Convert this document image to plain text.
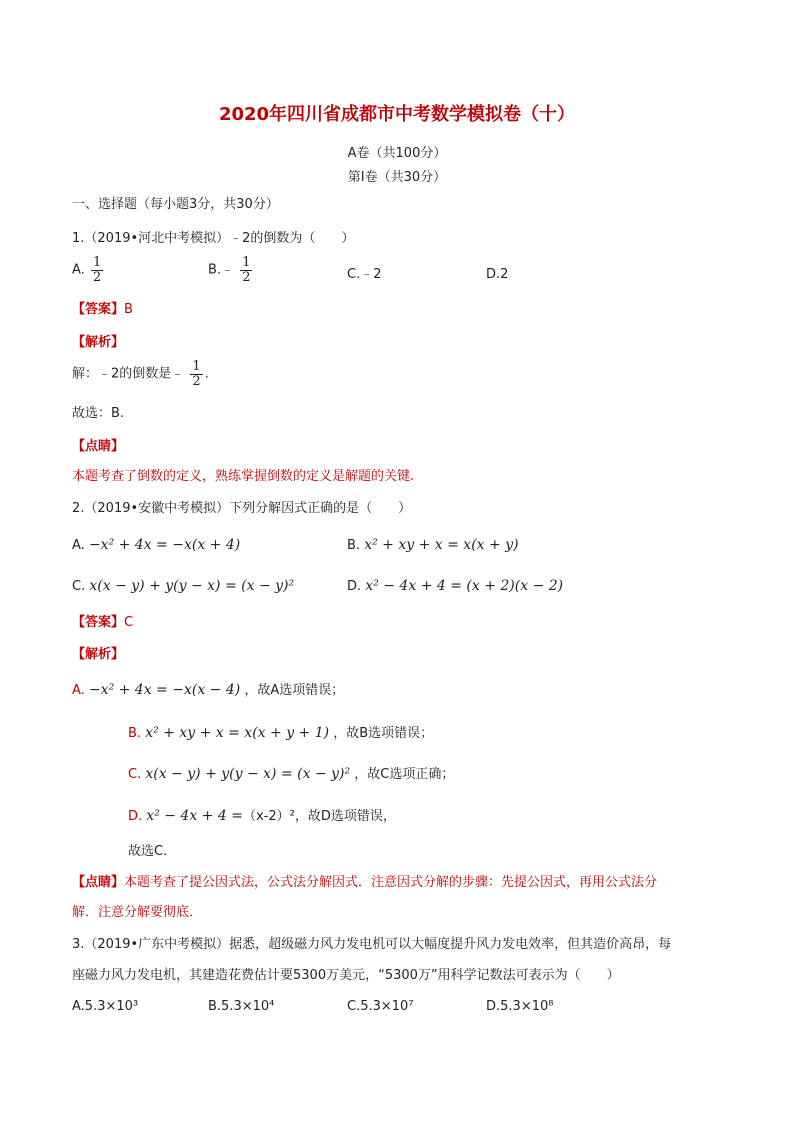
2020年四川省成都市中考数学模拟卷（十）
A卷（共100分）
第Ⅰ卷（共30分）
一、选择题（每小题3分，共30分）
1.（2019•河北中考模拟）﹣2的倒数为（　　）
A. $\frac{1}{2}$	B.﹣ $\frac{1}{2}$	C.﹣2	D.2
【答案】B
【解析】
解：﹣2的倒数是﹣ $\frac{1}{2}$ .
故选：B.
【点睛】
本题考查了倒数的定义，熟练掌握倒数的定义是解题的关键.
2.（2019•安徽中考模拟）下列分解因式正确的是（　　）
A. −x² + 4x = −x(x + 4)	B. x² + xy + x = x(x + y)
C. x(x − y) + y(y − x) = (x − y)²	D. x² − 4x + 4 = (x + 2)(x − 2)
【答案】C
【解析】
A. −x² + 4x = −x(x − 4) ，故A选项错误；
B. x² + xy + x = x(x + y + 1) ，故B选项错误；
C. x(x − y) + y(y − x) = (x − y)² ，故C选项正确；
D. x² − 4x + 4 =（x-2）²，故D选项错误，
故选C.
【点睛】本题考查了提公因式法，公式法分解因式．注意因式分解的步骤：先提公因式，再用公式法分
解．注意分解要彻底．
3.（2019•广东中考模拟）据悉，超级磁力风力发电机可以大幅度提升风力发电效率，但其造价高昂，每
座磁力风力发电机，其建造花费估计要5300万美元，“5300万”用科学记数法可表示为（　　）
A.5.3×10³	B.5.3×10⁴	C.5.3×10⁷	D.5.3×10⁸
